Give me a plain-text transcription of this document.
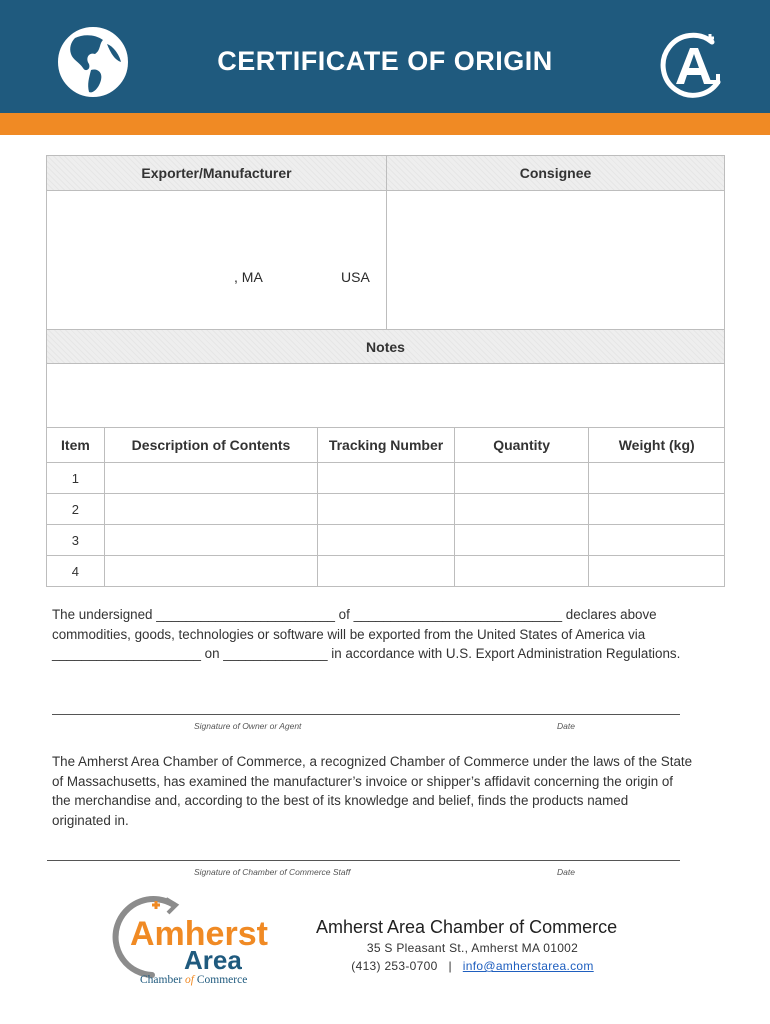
CERTIFICATE OF ORIGIN
Exporter/Manufacturer	Consignee
, MA	USA
Notes
Item	Description of Contents	Tracking Number	Quantity	Weight (kg)
1
2
3
4
The undersigned ________________________ of ____________________________ declares above
commodities, goods, technologies or software will be exported from the United States of America via
____________________ on ______________ in accordance with U.S. Export Administration Regulations.
Signature of Owner or Agent	Date
The Amherst Area Chamber of Commerce, a recognized Chamber of Commerce under the laws of the State
of Massachusetts, has examined the manufacturer’s invoice or shipper’s affidavit concerning the origin of
the merchandise and, according to the best of its knowledge and belief, finds the products named
originated in.
Signature of Chamber of Commerce Staff	Date
Amherst
Area
Chamber of Commerce
Amherst Area Chamber of Commerce
35 S Pleasant St., Amherst MA 01002
(413) 253-0700 | info@amherstarea.com
